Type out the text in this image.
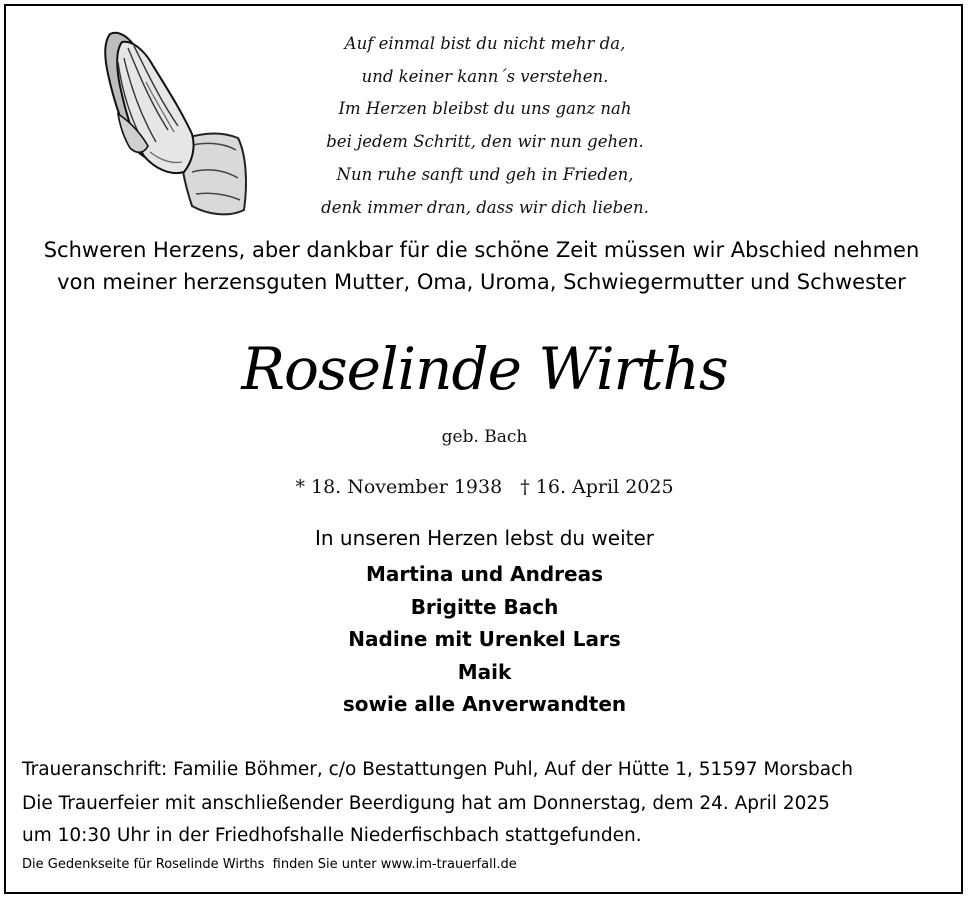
Auf einmal bist du nicht mehr da,
und keiner kann´s verstehen.
Im Herzen bleibst du uns ganz nah
bei jedem Schritt, den wir nun gehen.
Nun ruhe sanft und geh in Frieden,
denk immer dran, dass wir dich lieben.
Schweren Herzens, aber dankbar für die schöne Zeit müssen wir Abschied nehmen
von meiner herzensguten Mutter, Oma, Uroma, Schwiegermutter und Schwester
Roselinde Wirths
geb. Bach
* 18. November 1938 † 16. April 2025
In unseren Herzen lebst du weiter
Martina und Andreas
Brigitte Bach
Nadine mit Urenkel Lars
Maik
sowie alle Anverwandten
Traueranschrift: Familie Böhmer, c/o Bestattungen Puhl, Auf der Hütte 1, 51597 Morsbach
Die Trauerfeier mit anschließender Beerdigung hat am Donnerstag, dem 24. April 2025
um 10:30 Uhr in der Friedhofshalle Niederfischbach stattgefunden.
Die Gedenkseite für Roselinde Wirths  finden Sie unter www.im-trauerfall.de
